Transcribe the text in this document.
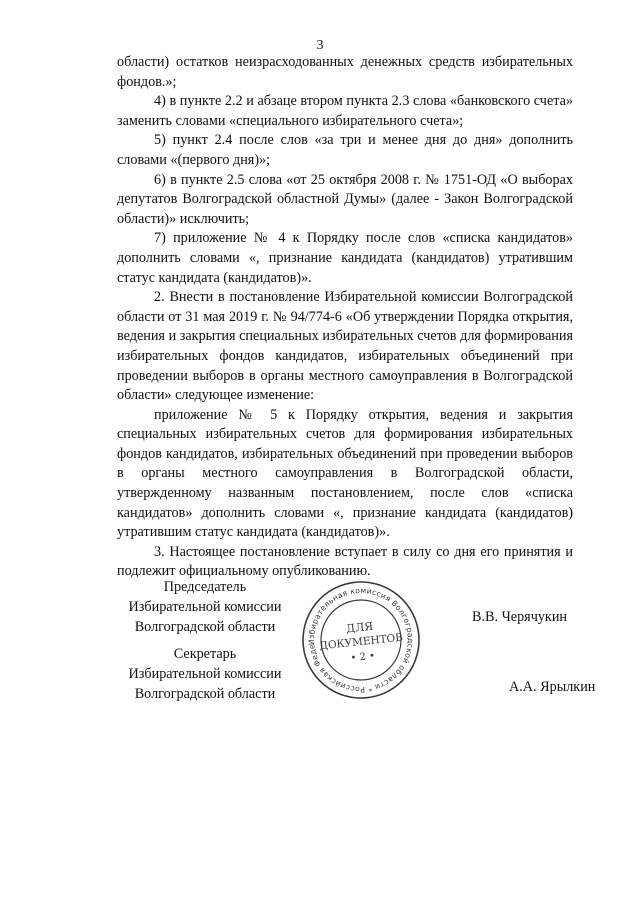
3

области) остатков неизрасходованных денежных средств избирательных фондов.»;

4) в пункте 2.2 и абзаце втором пункта 2.3 слова «банковского счета» заменить словами «специального избирательного счета»;

5) пункт 2.4 после слов «за три и менее дня до дня» дополнить словами «(первого дня)»;

6) в пункте 2.5 слова «от 25 октября 2008 г. № 1751-ОД «О выборах депутатов Волгоградской областной Думы» (далее - Закон Волгоградской области)» исключить;

7) приложение № 4 к Порядку после слов «списка кандидатов» дополнить словами «, признание кандидата (кандидатов) утратившим статус кандидата (кандидатов)».

2. Внести в постановление Избирательной комиссии Волгоградской области от 31 мая 2019 г. № 94/774-6 «Об утверждении Порядка открытия, ведения и закрытия специальных избирательных счетов для формирования избирательных фондов кандидатов, избирательных объединений при проведении выборов в органы местного самоуправления в Волгоградской области» следующее изменение:

приложение № 5 к Порядку открытия, ведения и закрытия специальных избирательных счетов для формирования избирательных фондов кандидатов, избирательных объединений при проведении выборов в органы местного самоуправления в Волгоградской области, утвержденному названным постановлением, после слов «списка кандидатов» дополнить словами «, признание кандидата (кандидатов) утратившим статус кандидата (кандидатов)».

3. Настоящее постановление вступает в силу со дня его принятия и подлежит официальному опубликованию.

Председатель
Избирательной комиссии
Волгоградской области
В.В. Черячукин
Секретарь
Избирательной комиссии
Волгоградской области	А.А. Ярылкин
Избирательная комиссия Волгоградской области * Российская Федерация *
ДЛЯ
ДОКУМЕНТОВ
• 2 •
